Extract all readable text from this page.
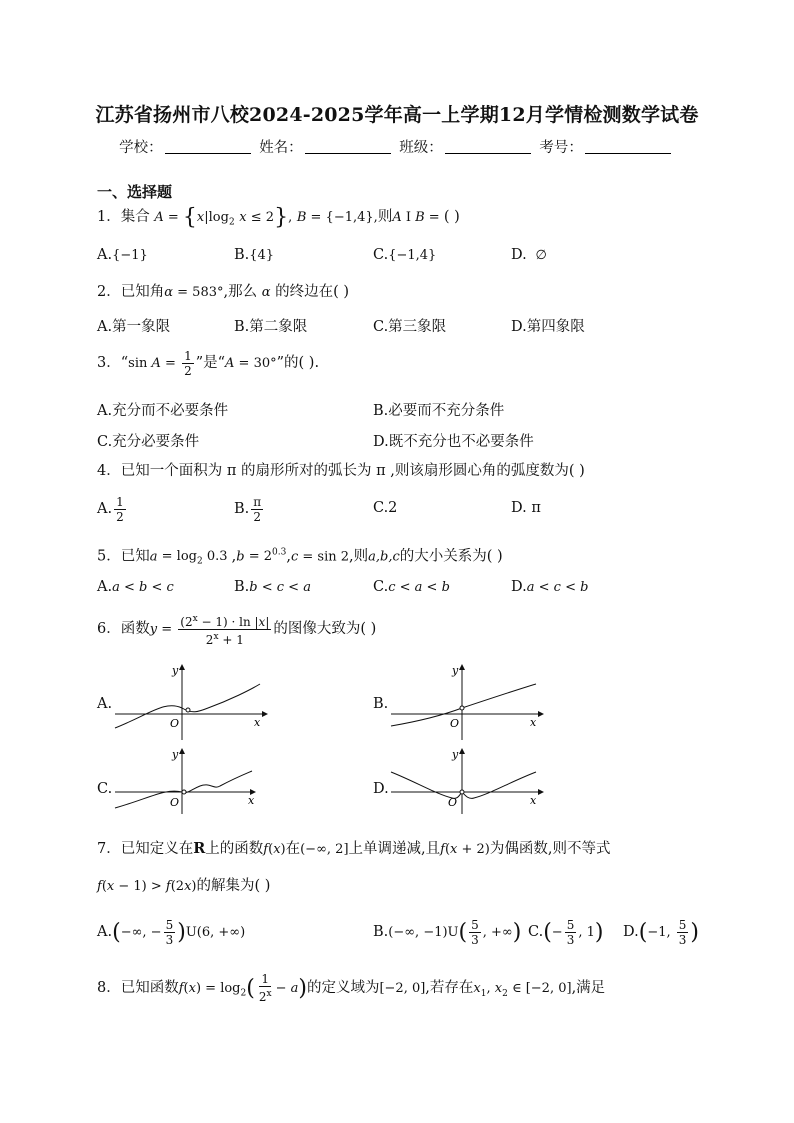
江苏省扬州市八校2024-2025学年高一上学期12月学情检测数学试卷
学校：	姓名：	班级：	考号：
一、选择题
1．集合 $A = \{x|\log_2$ x ≤ 2}, B = {−1,4},则A I B = ( )
A.{−1}	B.{4}	C.{−1,4}	D.  ∅
2．已知角α = 583°,那么 α 的终边在( )
A.第一象限	B.第二象限	C.第三象限	D.第四象限
3．“sin $A = \frac{1}{2}$ ”是“A = 30°”的( ).
A.充分而不必要条件	B.必要而不充分条件
C.充分必要条件	D.既不充分也不必要条件
4．已知一个面积为 π 的扇形所对的弧长为 π ,则该扇形圆心角的弧度数为( )
A. $\frac{1}{2}$	B. $\frac{\pi}{2}$	C.2	D. π
5．已知$a = \log_2 0.3$ $,b = 2^{0.3},c = \sin 2$,则a,b,c的大小关系为( )
A.a < b < c	B.b < c < a	C.c < a < b	D.a < c < b
6．函数$y = \frac{(2^x - 1) \cdot \ln |x|}{2^x + 1}$ 的图像大致为( )
A.
y
x
O
B.
y
x
O
C.
y
x
O
D.
y
x
O
7．已知定义在R上的函数f(x)在(−∞, 2]上单调递减,且f(x + 2)为偶函数,则不等式
f(x − 1) > f(2x)的解集为( )
A.(−∞, − $\frac{5}{3} )U(6$, +∞)	B.(−∞, $-1)U( \frac{5}{3}$ , +∞) $C.(- \frac{5}{3}$ , 1) D.(−1, $\frac{5}{3}$ )
8．已知函数$f(x) = \log_2( \frac{1}{2^x} - a)$的定义域为[−2, 0],若存在$x_1$, $x_2$ ∈ [−2, 0],满足
